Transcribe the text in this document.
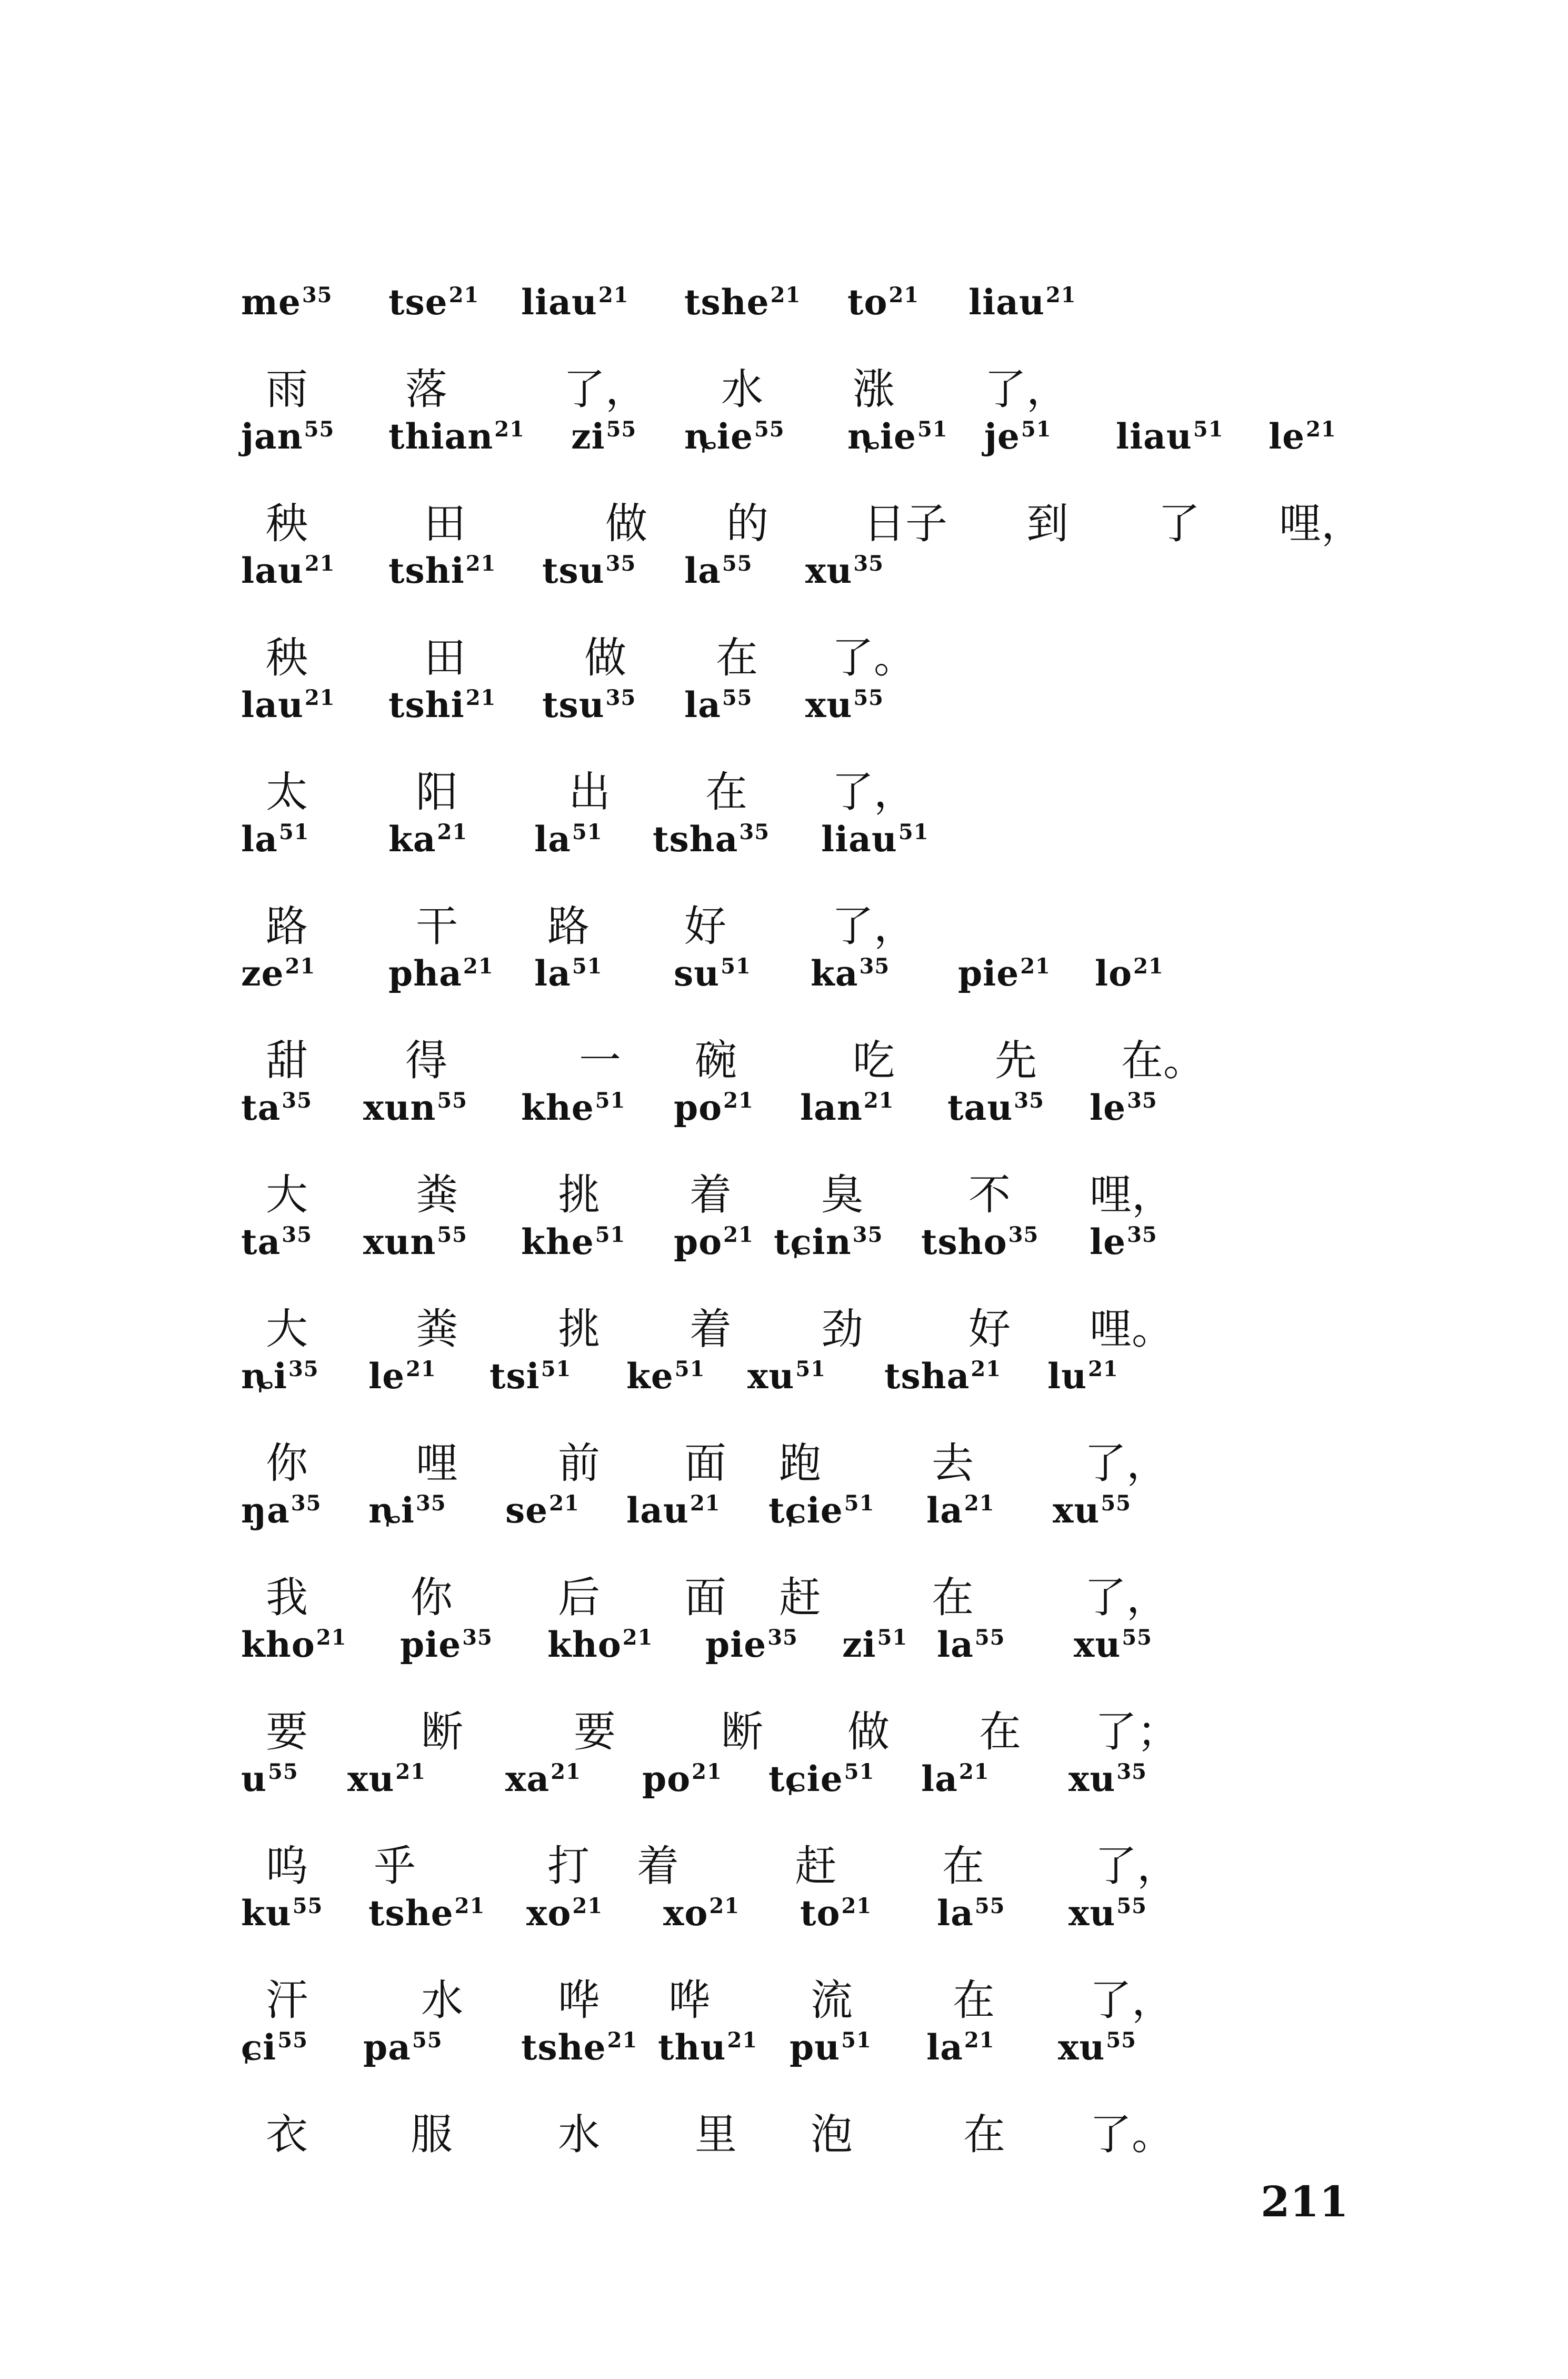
$me^{35}$ tse$^{21}$ liau$^{21}$ tshe$^{21}$ $to^{21}$ liau$^{21}$
雨 落	了， 水 涨 了，
jan$^{55}$ thian$^{21}$ $zi^{55}$ ȵie$^{55}$ ȵie$^{51}$ $je^{51}$ liau$^{51}$ $le^{21}$
秧	田	做 的 日子 到 了 哩，
lau$^{21}$ tshi$^{21}$ tsu$^{35}$ $la^{55}$ $xu^{35}$
秧	田	做 在 了。
lau$^{21}$ tshi$^{21}$ tsu$^{35}$ $la^{55}$ $xu^{55}$
太	阳	出 在 了，
$la^{51}$ $ka^{21}$ $la^{51}$ tsha$^{35}$ liau$^{51}$
路	干 路 好	了，
$ze^{21}$ pha$^{21}$ $la^{51}$ $su^{51}$ $ka^{35}$ pie$^{21}$ $lo^{21}$
甜 得	一 碗	吃 先 在。
$ta^{35}$ xun$^{55}$ khe$^{51}$ $po^{21}$ lan$^{21}$ tau$^{35}$ $le^{35}$
大	粪 挑 着 臭	不 哩，
$ta^{35}$ xun$^{55}$ khe$^{51}$ $po^{21}$ tɕin$^{35}$ tsho$^{35}$ $le^{35}$
大	粪 挑 着 劲	好 哩。
$ȵi^{35}$ $le^{21}$ tsi$^{51}$ $ke^{51}$ $xu^{51}$ tsha$^{21}$ $lu^{21}$
你	哩 前 面 跑	去	了，
$ŋa^{35}$ $ȵi^{35}$ $se^{21}$ lau$^{21}$ tɕie$^{51}$ $la^{21}$ $xu^{55}$
我 你	后 面 赶	在	了，
kho$^{21}$ pie$^{35}$ kho$^{21}$ pie$^{35}$ $zi^{51}$ $la^{55}$ $xu^{55}$
要	断	要	断 做 在 了；
$u^{55}$ $xu^{21}$ $xa^{21}$ $po^{21}$ tɕie$^{51}$ $la^{21}$ $xu^{35}$
呜 乎	打 着	赶	在	了，
$ku^{55}$ tshe$^{21}$ $xo^{21}$ $xo^{21}$ $to^{21}$ $la^{55}$ $xu^{55}$
汗	水 哗 哗 流 在 了，
ɕi$^{55}$ $pa^{55}$ tshe$^{21}$ thu$^{21}$ $pu^{51}$ $la^{21}$ $xu^{55}$
衣 服	水 里 泡	在 了。
211
